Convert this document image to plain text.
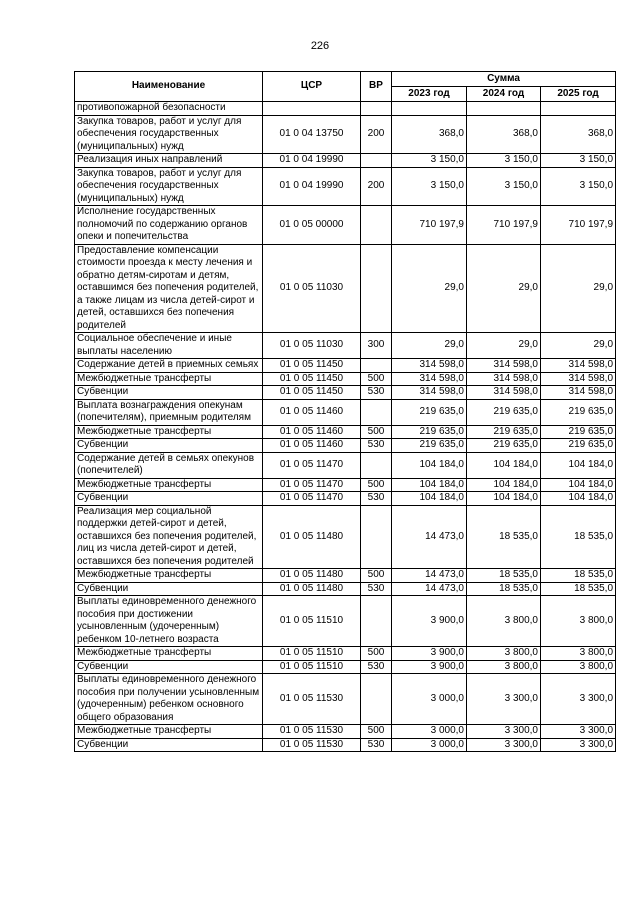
226
Наименование	ЦСР	ВР	Сумма		
			2023 год	2024 год	2025 год
противопожарной безопасности					
Закупка товаров, работ и услуг для обеспечения государственных (муниципальных) нужд	01 0 04 13750	200	368,0	368,0	368,0
Реализация иных направлений	01 0 04 19990		3 150,0	3 150,0	3 150,0
Закупка товаров, работ и услуг для обеспечения государственных (муниципальных) нужд	01 0 04 19990	200	3 150,0	3 150,0	3 150,0
Исполнение государственных полномочий по содержанию органов опеки и попечительства	01 0 05 00000		710 197,9	710 197,9	710 197,9
Предоставление компенсации стоимости проезда к месту лечения и обратно детям-сиротам и детям, оставшимся без попечения родителей, а также лицам из числа детей-сирот и детей, оставшихся без попечения родителей	01 0 05 11030		29,0	29,0	29,0
Социальное обеспечение и иные выплаты населению	01 0 05 11030	300	29,0	29,0	29,0
Содержание детей в приемных семьях	01 0 05 11450		314 598,0	314 598,0	314 598,0
Межбюджетные трансферты	01 0 05 11450	500	314 598,0	314 598,0	314 598,0
Субвенции	01 0 05 11450	530	314 598,0	314 598,0	314 598,0
Выплата вознаграждения опекунам (попечителям), приемным родителям	01 0 05 11460		219 635,0	219 635,0	219 635,0
Межбюджетные трансферты	01 0 05 11460	500	219 635,0	219 635,0	219 635,0
Субвенции	01 0 05 11460	530	219 635,0	219 635,0	219 635,0
Содержание детей в семьях опекунов (попечителей)	01 0 05 11470		104 184,0	104 184,0	104 184,0
Межбюджетные трансферты	01 0 05 11470	500	104 184,0	104 184,0	104 184,0
Субвенции	01 0 05 11470	530	104 184,0	104 184,0	104 184,0
Реализация мер социальной поддержки детей-сирот и детей, оставшихся без попечения родителей, лиц из числа детей-сирот и детей, оставшихся без попечения родителей	01 0 05 11480		14 473,0	18 535,0	18 535,0
Межбюджетные трансферты	01 0 05 11480	500	14 473,0	18 535,0	18 535,0
Субвенции	01 0 05 11480	530	14 473,0	18 535,0	18 535,0
Выплаты единовременного денежного пособия при достижении усыновленным (удочеренным) ребенком 10-летнего возраста	01 0 05 11510		3 900,0	3 800,0	3 800,0
Межбюджетные трансферты	01 0 05 11510	500	3 900,0	3 800,0	3 800,0
Субвенции	01 0 05 11510	530	3 900,0	3 800,0	3 800,0
Выплаты единовременного денежного пособия при получении усыновленным (удочеренным) ребенком основного общего образования	01 0 05 11530		3 000,0	3 300,0	3 300,0
Межбюджетные трансферты	01 0 05 11530	500	3 000,0	3 300,0	3 300,0
Субвенции	01 0 05 11530	530	3 000,0	3 300,0	3 300,0
